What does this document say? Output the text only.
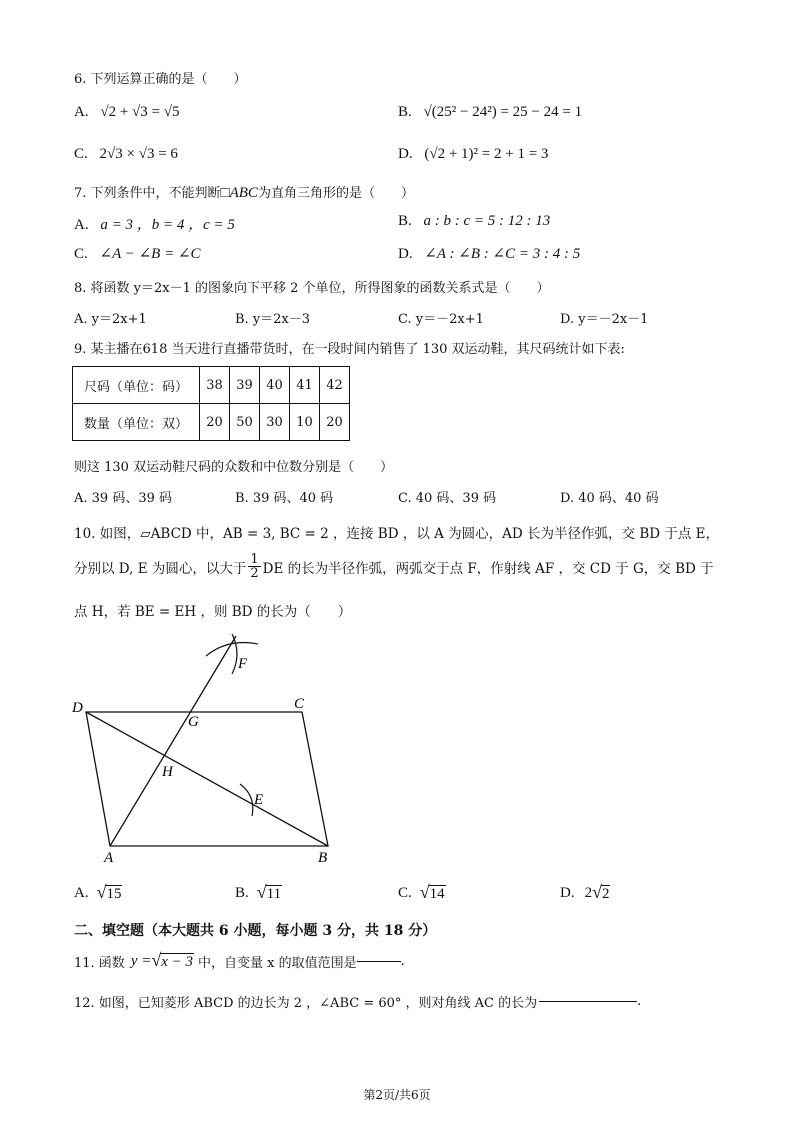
6. 下列运算正确的是（　　）
A. √2 + √3 = √5	B. √(25² − 24²) = 25 − 24 = 1
C. 2√3 × √3 = 6	D. (√2 + 1)² = 2 + 1 = 3
7. 下列条件中，不能判断□ABC为直角三角形的是（　　）
A. a = 3 ，b = 4 ，c = 5	B. a : b : c = 5 : 12 : 13
C. ∠A − ∠B = ∠C	D. ∠A : ∠B : ∠C = 3 : 4 : 5
8. 将函数 y＝2x－1 的图象向下平移 2 个单位，所得图象的函数关系式是（　　）
A. y＝2x+1	B. y＝2x－3	C. y＝－2x+1	D. y＝－2x－1
9. 某主播在618 当天进行直播带货时，在一段时间内销售了 130 双运动鞋，其尺码统计如下表:
尺码（单位：码）	38	39	40	41	42
数量（单位：双）	20	50	30	10	20
则这 130 双运动鞋尺码的众数和中位数分别是（　　）
A. 39 码、39 码	B. 39 码、40 码	C. 40 码、39 码	D. 40 码、40 码
10. 如图，▱ABCD 中，AB = 3, BC = 2 ，连接 BD ，以 A 为圆心，AD 长为半径作弧，交 BD 于点 E，
分别以 D, E 为圆心，以大于 $\frac{1}{2}$ DE 的长为半径作弧，两弧交于点 F，作射线 AF ，交 CD 于 G，交 BD 于
点 H，若 BE = EH ，则 BD 的长为（　　）
D	C
A	B
F
G
H
E
A. √ 15	B. √ 11	C. √ 14	D. 2 √ 2
二、填空题（本大题共 6 小题，每小题 3 分，共 18 分）
11. 函数 y = √ x − 3 中，自变量 x 的取值范围是	.
12. 如图，已知菱形 ABCD 的边长为 2 ，∠ABC = 60° ，则对角线 AC 的长为	.
第2页/共6页
